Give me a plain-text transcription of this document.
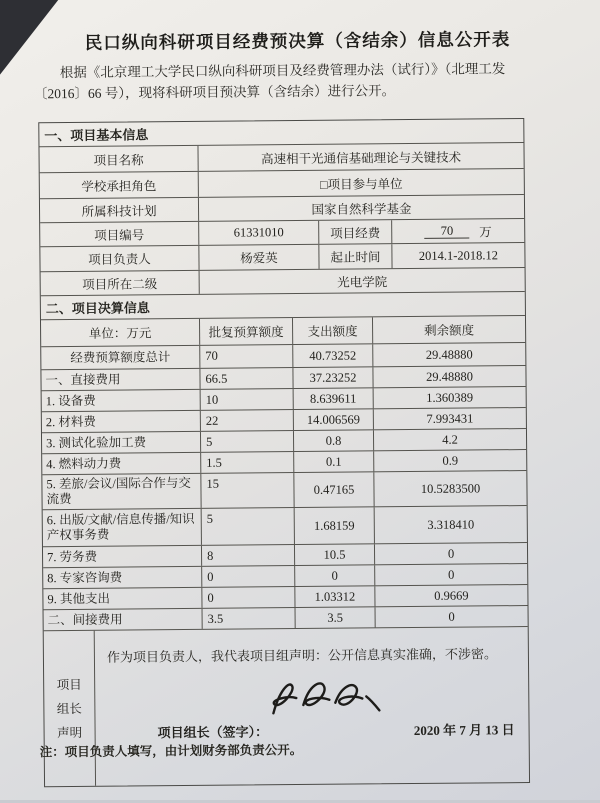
民口纵向科研项目经费预决算（含结余）信息公开表
根据《北京理工大学民口纵向科研项目及经费管理办法（试行）》（北理工发
〔2016〕66 号），现将科研项目预决算（含结余）进行公开。
一、项目基本信息
项目名称	高速相干光通信基础理论与关键技术
学校承担角色	□项目参与单位
所属科技计划	国家自然科学基金
项目编号	61331010	项目经费	70	万
项目负责人	杨爱英	起止时间	2014.1-2018.12
项目所在二级	光电学院
二、项目决算信息
单位：万元	批复预算额度	支出额度	剩余额度
经费预算额度总计	70	40.73252	29.48880
一、直接费用	66.5	37.23252	29.48880
1. 设备费	10	8.639611	1.360389
2. 材料费	22	14.006569	7.993431
3. 测试化验加工费	5	0.8	4.2
4. 燃料动力费	1.5	0.1	0.9
5. 差旅/会议/国际合作与交流费
15	0.47165	10.5283500
6. 出版/文献/信息传播/知识产权事务费
5	1.68159	3.318410
7. 劳务费	8	10.5	0
8. 专家咨询费	0	0	0
9. 其他支出	0	1.03312	0.9669
二、间接费用	3.5	3.5	0
项目
组长
声明
作为项目负责人，我代表项目组声明：公开信息真实准确，不涉密。
项目组长（签字）：	2020 年 7 月 13 日
注：项目负责人填写，由计划财务部负责公开。
